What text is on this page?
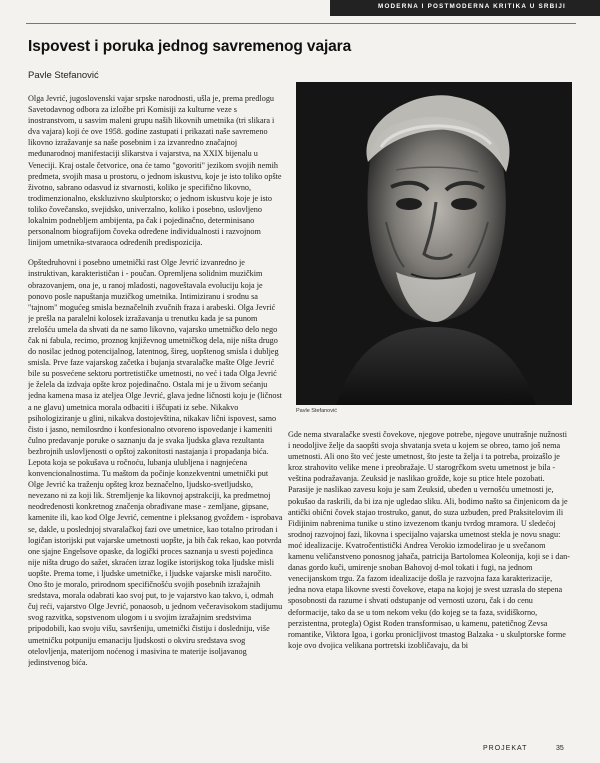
MODERNA I POSTMODERNA KRITIKA U SRBIJI
Ispovest i poruka jednog savremenog vajara
Pavle Stefanović

Olga Jevrić, jugoslovenski vajar srpske narodnosti, ušla je, prema predlogu Savetodavnog odbora za izložbe pri Komisiji za kulturne veze s inostranstvom, u sasvim maleni grupu naših likovnih umetnika (tri slikara i dva vajara) koji će ove 1958. godine zastupati i prikazati naše savremeno likovno izražavanje sa naše posebnim i za izvanredno značajnoj međunarodnoj manifestaciji slikarstva i vajarstva, na XXIX bijenalu u Veneciji. Kraj ostale četvorice, ona će tamo "govoriti" jezikom svojih nemih predmeta, svojih masa u prostoru, o jednom iskustvu, koje je isto toliko opšte životno, sabrano odasvud iz stvarnosti, koliko je specifično likovno, trodimenzionalno, ekskluzivno skulptorsko; o jednom iskustvu koje je isto toliko čovečansko, svejidsko, univerzalno, koliko i posebno, uslovljeno lokalnim podnebljem ambijenta, pa čak i pojedinačno, determinisano personalnom biografijom čoveka određene individualnosti i razvojnom linijom umetnika-stvaraoca određenih predispozicija.

Opštedruhovni i posebno umetnički rast Olge Jevrić izvanredno je instruktivan, karakterističan i - poučan. Opremljena solidnim muzičkim obrazovanjem, ona je, u ranoj mladosti, nagoveštavala evoluciju koja je ponovo posle napuštanja muzičkog umetnika. Intimiziranu i srodnu sa "tajnom" mogućeg smisla beznačelnih zvučnih fraza i arabeski. Olga Jevrić je prešla na paralelni kolosek izražavanja u trenutku kada je sa punom zrelošću umela da shvati da ne samo likovno, vajarsko umetničko delo nego čak ni fabula, recimo, proznog književnog umetničkog dela, nije ništa drugo do nosilac jednog potencijalnog, latentnog, šireg, uopštenog smisla i dubljeg smisla. Prve faze vajarskog začetka i bujanja stvaralačke mašte Olge Jevrić bile su posvećene sektoru portretističke umetnosti, no već i tada Olga Jevrić je želela da izdvaja opšte kroz pojedinačno. Ostala mi je u živom sećanju jedna kamena masa iz ateljea Olge Jevrić, glava jedne ličnosti koju je (ličnost a ne glavu) umetnica morala odbaciti i iščupati iz sebe. Nikakvo psihologiziranje u glini, nikakva dostojevština, nikakav lični ispovest, samo čisto i jasno, nemilosrdno i konfesionalno otvoreno ispovedanje i kameniti čulno predavanje poruke o saznanju da je svaka ljudska glava rezultanta bezbrojnih uslovljenosti o opštoj zakonitosti nastajanja i propadanja bića. Lepota koja se pokušava u ročnoću, lubanja ulubljena i nagnjećena konvencionalnostima. Tu maštom da počinje konzekventni umetnički put Olge Jevrić ka traženju opšteg kroz beznačelno, ljudsko-svetljudsko, nevezano ni za koji lik. Stremljenje ka likovnoj apstrakciji, ka predmetnoj neodređenosti konkretnog značenja obrađivane mase - zemljane, gipsane, kamenite ili, kao kod Olge Jevrić, cementne i pleksanog gvožđem - isprobava se, dakle, u poslednjoj stvaralačkoj fazi ove umetnice, kao totalno prirodan i logičan istorijski put vajarske umetnosti uopšte, ja bih čak rekao, kao potvrda one sjajne Engelsove opaske, da logički proces saznanja u svesti pojedinca nije ništa drugo do sažet, skraćen izraz logike istorijskog toka ljudske misli uopšte. Prema tome, i ljudske umetničke, i ljudske vajarske misli naročito. Ono što je moralo, prirodnom specifičnošću svojih posebnih izražajnih sredstava, morala odabrati kao svoj put, to je vajarstvo kao takvo, i, odmah čuj reći, vajarstvo Olge Jevrić, ponaosob, u jednom večeravisokom stadijumu svog razvitka, sopstvenom ulogom i u svojim izražajnim sredstvima pripodobili, kao svoju višu, savršeniju, umetnički čistiju i dosledniju, više umetničku potpuniju emanaciju ljudskosti o okviru sredstava svog otelovljenja, materijom noćenog i masivina te materije isoljavanog jedinstvenog bića.

Pavle Stefanović

Gde nema stvaralačke svesti čovekove, njegove potrebe, njegove unutrašnje nužnosti i neodoljive želje da saopšti svoja shvatanja sveta u kojem se obreo, tamo još nema umetnosti. Ali ono što već jeste umetnost, što jeste ta želja i ta potreba, proizašlo je kroz strahovito velike mene i preobražaje. U starogrčkom svetu umetnost je bila - veština podražavanja. Zeuksid je naslikao grožđe, koje su ptice htele pozobati. Parasije je naslikao zavesu koju je sam Zeuksid, ubeđen u vernošću umetnosti je, pokušao da raskrili, da bi iza nje ugledao sliku. Ali, bodimo našto sa činjenicom da je antički obični čovek stajao trostruko, ganut, do suza uzbuđen, pred Praksitelovim ili Fidijinim nabrenima tunike u stino izvezenom tkanju tvrdog mramora. U sledećoj srodnoj razvojnoj fazi, likovna i specijalno vajarska umetnost stekla je novu snagu: moć idealizacije. Kvatročentistički Andrea Verokio izmodelirao je u svečanom kamenu veličanstveno ponosnog jahača, patricija Bartolomea Koleonija, koji se i dan-danas gordo kuči, umirenje snoban Bahovoj d-mol tokati i fugi, na jednom venecijanskom trgu. Za fazom idealizacije došla je razvojna faza karakterizacije, jedna nova etapa likovne svesti čovekove, etapa na kojoj je svest uzrasla do stepena sposobnosti da razume i shvati odstupanje od vernosti uzoru, čak i do cenu deformacije, tako da se u tom nekom veku (do kojeg se ta faza, svidiškorno, perzistentna, protegla) Ogist Roden transformisao, u kamenu, patetičnog Zevsa romantike, Viktora Igoa, i gorku pronicljivost tmastog Balzaka - u skulptorske forme koje ovo dvojica velikana portretski izobličavaju, da bi

PROJEKAT	35
